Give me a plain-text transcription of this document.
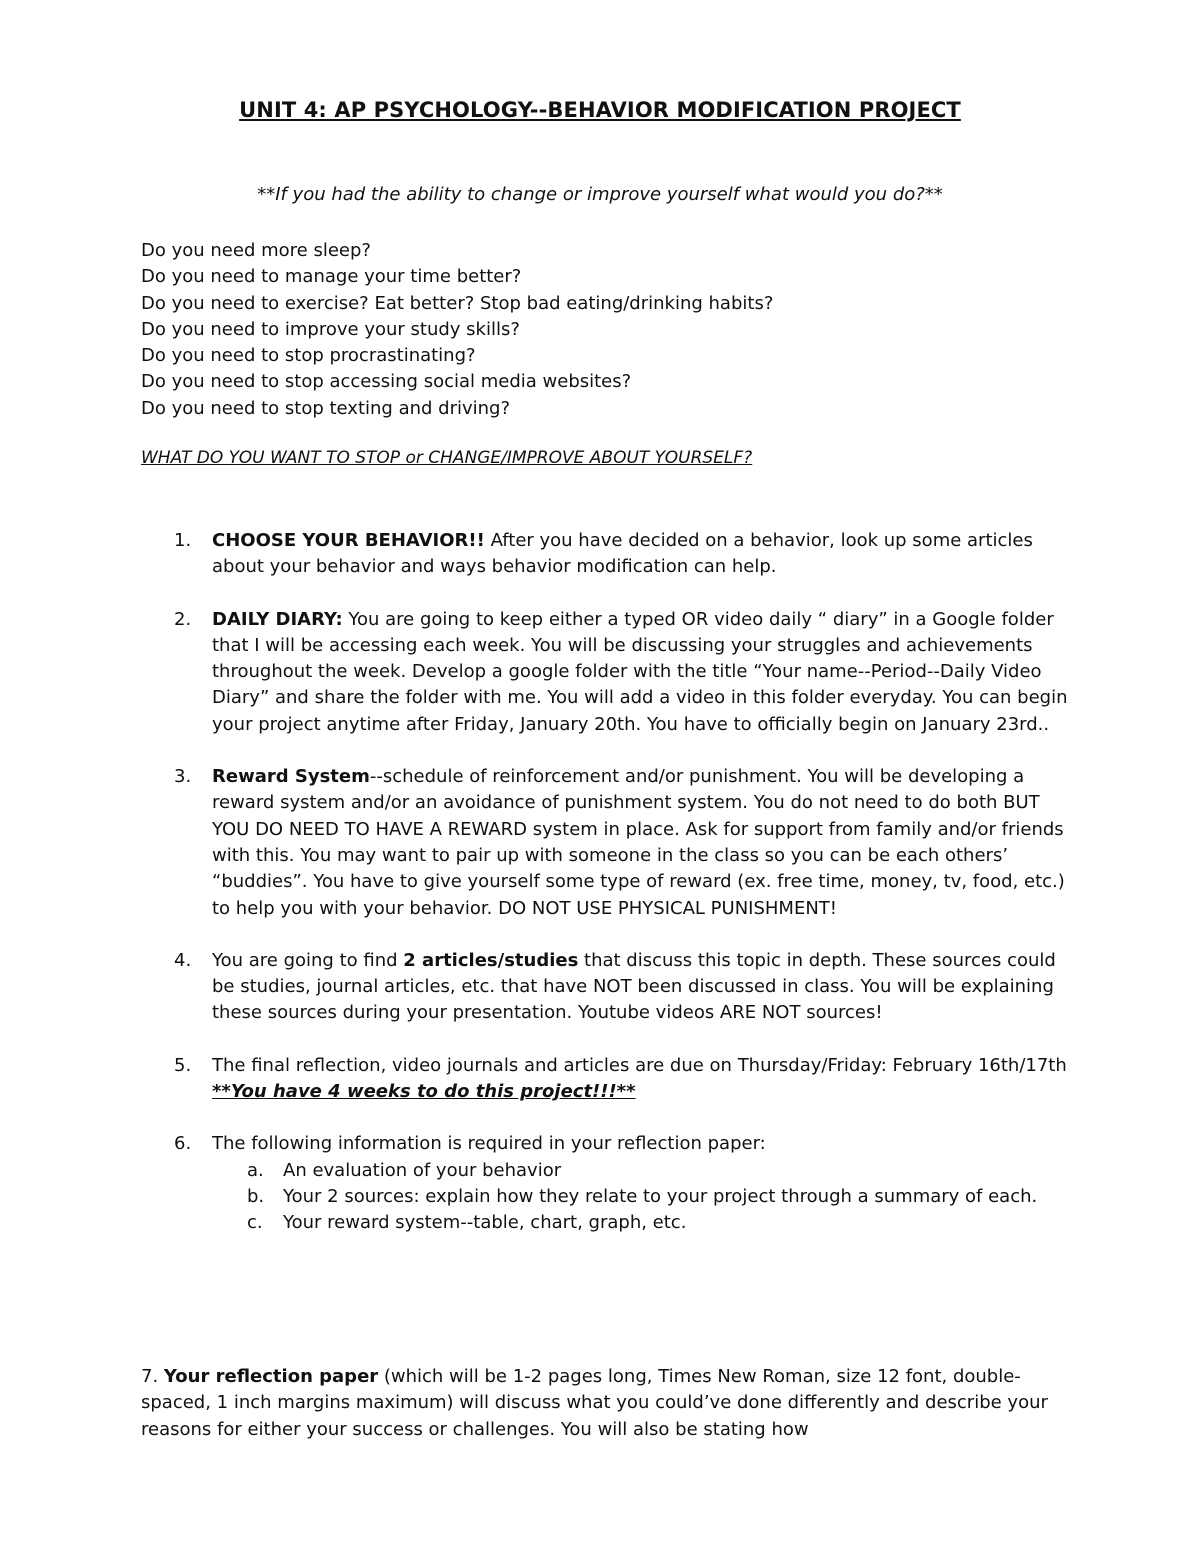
UNIT 4: AP PSYCHOLOGY--BEHAVIOR MODIFICATION PROJECT
**If you had the ability to change or improve yourself what would you do?**
Do you need more sleep?
Do you need to manage your time better?
Do you need to exercise? Eat better? Stop bad eating/drinking habits?
Do you need to improve your study skills?
Do you need to stop procrastinating?
Do you need to stop accessing social media websites?
Do you need to stop texting and driving?
WHAT DO YOU WANT TO STOP or CHANGE/IMPROVE ABOUT YOURSELF?
1. CHOOSE YOUR BEHAVIOR!! After you have decided on a behavior, look up some articles about your behavior and ways behavior modification can help.
2. DAILY DIARY: You are going to keep either a typed OR video daily “ diary” in a Google folder that I will be accessing each week. You will be discussing your struggles and achievements throughout the week. Develop a google folder with the title “Your name--Period--Daily Video Diary” and share the folder with me. You will add a video in this folder everyday. You can begin your project anytime after Friday, January 20th. You have to officially begin on January 23rd..
3. Reward System--schedule of reinforcement and/or punishment. You will be developing a reward system and/or an avoidance of punishment system. You do not need to do both BUT YOU DO NEED TO HAVE A REWARD system in place. Ask for support from family and/or friends with this. You may want to pair up with someone in the class so you can be each others’ “buddies”. You have to give yourself some type of reward (ex. free time, money, tv, food, etc.) to help you with your behavior. DO NOT USE PHYSICAL PUNISHMENT!
4. You are going to find 2 articles/studies that discuss this topic in depth. These sources could be studies, journal articles, etc. that have NOT been discussed in class. You will be explaining these sources during your presentation. Youtube videos ARE NOT sources!
5. The final reflection, video journals and articles are due on Thursday/Friday: February 16th/17th **You have 4 weeks to do this project!!!**
6. The following information is required in your reflection paper:
a. An evaluation of your behavior
b. Your 2 sources: explain how they relate to your project through a summary of each.
c. Your reward system--table, chart, graph, etc.
7. Your reflection paper (which will be 1-2 pages long, Times New Roman, size 12 font, double-spaced, 1 inch margins maximum) will discuss what you could’ve done differently and describe your reasons for either your success or challenges. You will also be stating how
